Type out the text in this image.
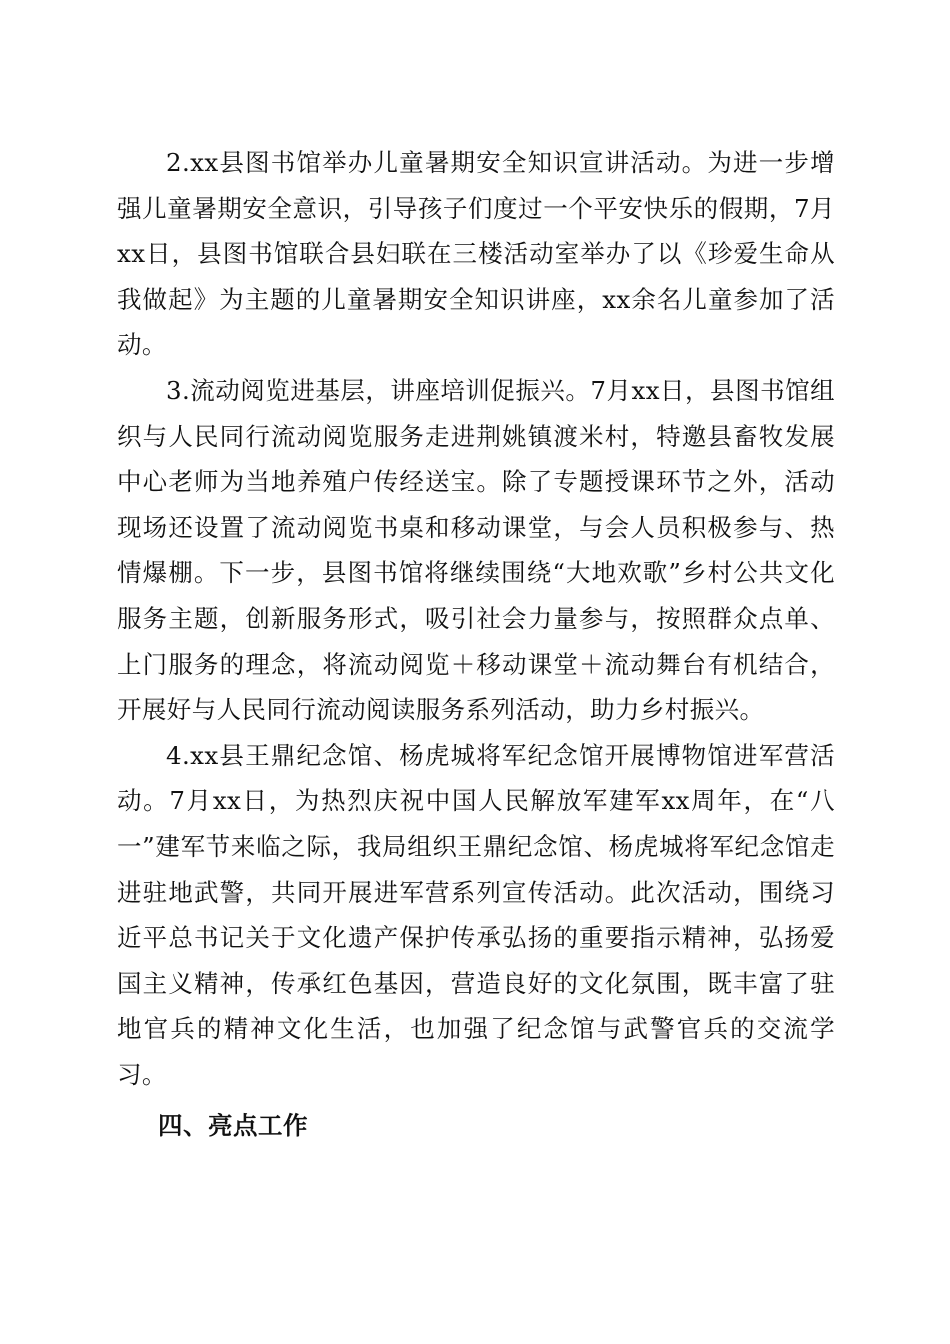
2.xx县图书馆举办儿童暑期安全知识宣讲活动。为进一步增强儿童暑期安全意识，引导孩子们度过一个平安快乐的假期，7月xx日，县图书馆联合县妇联在三楼活动室举办了以《珍爱生命从我做起》为主题的儿童暑期安全知识讲座，xx余名儿童参加了活动。

3.流动阅览进基层，讲座培训促振兴。7月xx日，县图书馆组织与人民同行流动阅览服务走进荆姚镇渡米村，特邀县畜牧发展中心老师为当地养殖户传经送宝。除了专题授课环节之外，活动现场还设置了流动阅览书桌和移动课堂，与会人员积极参与、热情爆棚。下一步，县图书馆将继续围绕“大地欢歌”乡村公共文化服务主题，创新服务形式，吸引社会力量参与，按照群众点单、上门服务的理念，将流动阅览＋移动课堂＋流动舞台有机结合，开展好与人民同行流动阅读服务系列活动，助力乡村振兴。

4.xx县王鼎纪念馆、杨虎城将军纪念馆开展博物馆进军营活动。7月xx日，为热烈庆祝中国人民解放军建军xx周年，在“八一”建军节来临之际，我局组织王鼎纪念馆、杨虎城将军纪念馆走进驻地武警，共同开展进军营系列宣传活动。此次活动，围绕习近平总书记关于文化遗产保护传承弘扬的重要指示精神，弘扬爱国主义精神，传承红色基因，营造良好的文化氛围，既丰富了驻地官兵的精神文化生活，也加强了纪念馆与武警官兵的交流学习。

四、亮点工作
